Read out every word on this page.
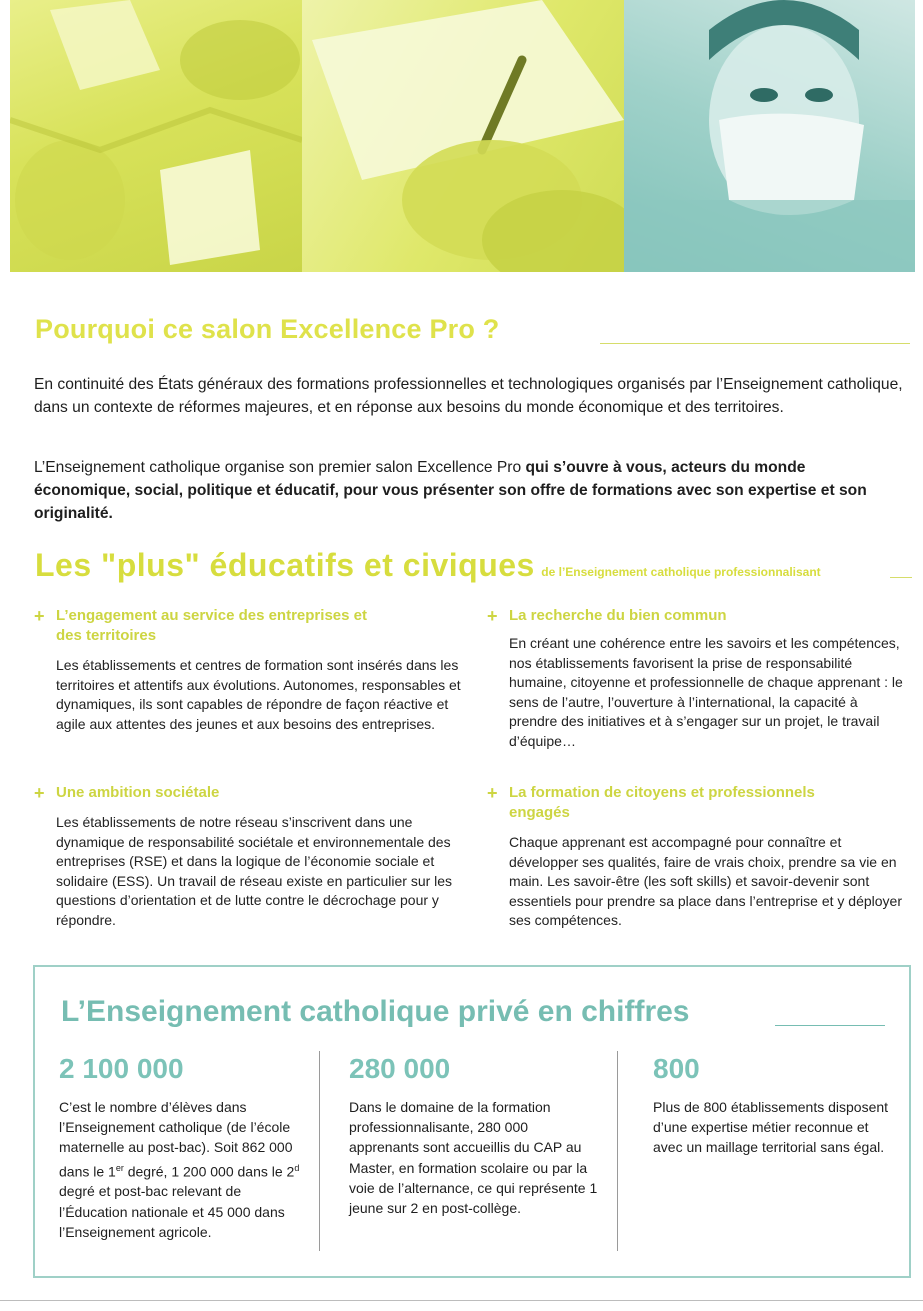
Pourquoi ce salon Excellence Pro ?

En continuité des États généraux des formations professionnelles et technologiques organisés par l’Enseignement catholique, dans un contexte de réformes majeures, et en réponse aux besoins du monde économique et des territoires.

L’Enseignement catholique organise son premier salon Excellence Pro qui s’ouvre à vous, acteurs du monde économique, social, politique et éducatif, pour vous présenter son offre de formations avec son expertise et son originalité.

Les "plus" éducatifs et civiques de l’Enseignement catholique professionnalisant
+ L’engagement au service des entreprises et des territoires
Les établissements et centres de formation sont insérés dans les territoires et attentifs aux évolutions. Autonomes, responsables et dynamiques, ils sont capables de répondre de façon réactive et agile aux attentes des jeunes et aux besoins des entreprises.
+ La recherche du bien commun
En créant une cohérence entre les savoirs et les compétences, nos établissements favorisent la prise de responsabilité humaine, citoyenne et professionnelle de chaque apprenant : le sens de l’autre, l’ouverture à l’international, la capacité à prendre des initiatives et à s’engager sur un projet, le travail d’équipe…
+ Une ambition sociétale
Les établissements de notre réseau s’inscrivent dans une dynamique de responsabilité sociétale et environnementale des entreprises (RSE) et dans la logique de l’économie sociale et solidaire (ESS). Un travail de réseau existe en particulier sur les questions d’orientation et de lutte contre le décrochage pour y répondre.
+ La formation de citoyens et professionnels engagés
Chaque apprenant est accompagné pour connaître et développer ses qualités, faire de vrais choix, prendre sa vie en main. Les savoir-être (les soft skills) et savoir-devenir sont essentiels pour prendre sa place dans l’entreprise et y déployer ses compétences.
L’Enseignement catholique privé en chiffres
2 100 000
C’est le nombre d’élèves dans l’Enseignement catholique (de l’école maternelle au post-bac). Soit 862 000 dans le 1er degré, 1 200 000 dans le 2$^d$ degré et post-bac relevant de l’Éducation nationale et 45 000 dans l’Enseignement agricole.
280 000
Dans le domaine de la formation professionnalisante, 280 000 apprenants sont accueillis du CAP au Master, en formation scolaire ou par la voie de l’alternance, ce qui représente 1 jeune sur 2 en post-collège.
800
Plus de 800 établissements disposent d’une expertise métier reconnue et avec un maillage territorial sans égal.
